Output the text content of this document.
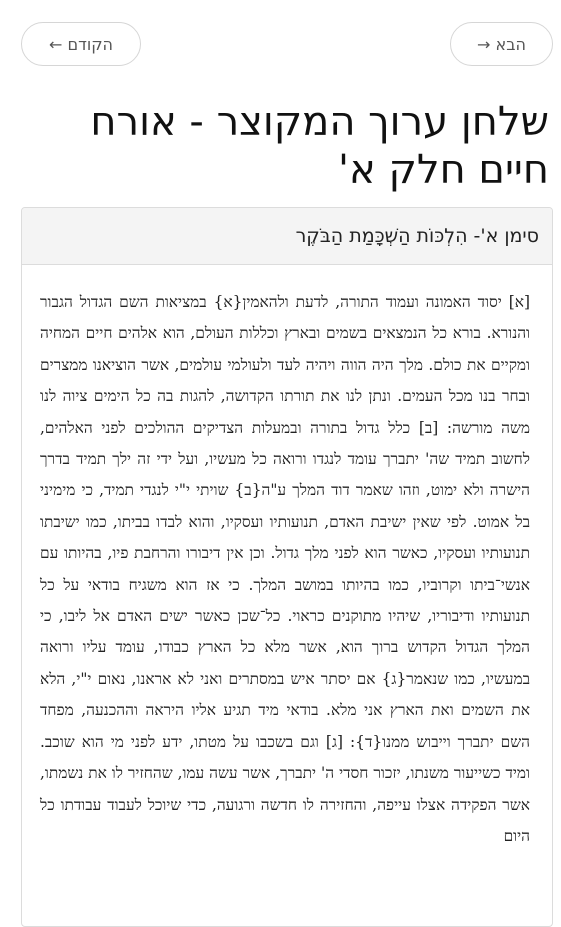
הבא →
הקודם ←
שלחן ערוך המקוצר - אורח חיים חלק א'
סימן א'- הִלְכּוֹת הַשְׁכָּמַת הַבֹּקֶר

[א] יסוד האמונה ועמוד התורה, לדעת ולהאמין{א} במציאות השם הגדול הגבור והנורא. בורא כל הנמצאים בשמים ובארץ וכללות העולם, הוא אלהים חיים המחיה ומקיים את כולם. מלך היה הווה ויהיה לעד ולעולמי עולמים, אשר הוציאנו ממצרים ובחר בנו מכל העמים. ונתן לנו את תורתו הקדושה, להגות בה כל הימים ציוה לנו משה מורשה: [ב] כלל גדול בתורה ובמעלות הצדיקים ההולכים לפני האלהים, לחשוב תמיד שה' יתברך עומד לנגדו ורואה כל מעשיו, ועל ידי זה ילך תמיד בדרך הישרה ולא ימוט, וזהו שאמר דוד המלך ע"ה{ב} שויתי י"י לנגדי תמיד, כי מימיני בל אמוט. לפי שאין ישיבת האדם, תנועותיו ועסקיו, והוא לבדו בביתו, כמו ישיבתו תנועותיו ועסקיו, כאשר הוא לפני מלך גדול. וכן אין דיבורו והרחבת פיו, בהיותו עם אנשי־ביתו וקרוביו, כמו בהיותו במושב המלך. כי אז הוא משגיח בודאי על כל תנועותיו ודיבוריו, שיהיו מתוקנים כראוי. כל־שכן כאשר ישים האדם אל ליבו, כי המלך הגדול הקדוש ברוך הוא, אשר מלא כל הארץ כבודו, עומד עליו ורואה במעשיו, כמו שנאמר{ג} אם יסתר איש במסתרים ואני לא אראנו, נאום י"י, הלא את השמים ואת הארץ אני מלא. בודאי מיד תגיע אליו היראה וההכנעה, מפחד השם יתברך וייבוש ממנו{ד}: [ג] וגם בשכבו על מטתו, ידע לפני מי הוא שוכב. ומיד כשייעור משנתו, יזכור חסדי ה' יתברך, אשר עשה עמו, שהחזיר לו את נשמתו, אשר הפקידה אצלו עייפה, והחזירה לו חדשה ורגועה, כדי שיוכל לעבוד עבודתו כל היום
